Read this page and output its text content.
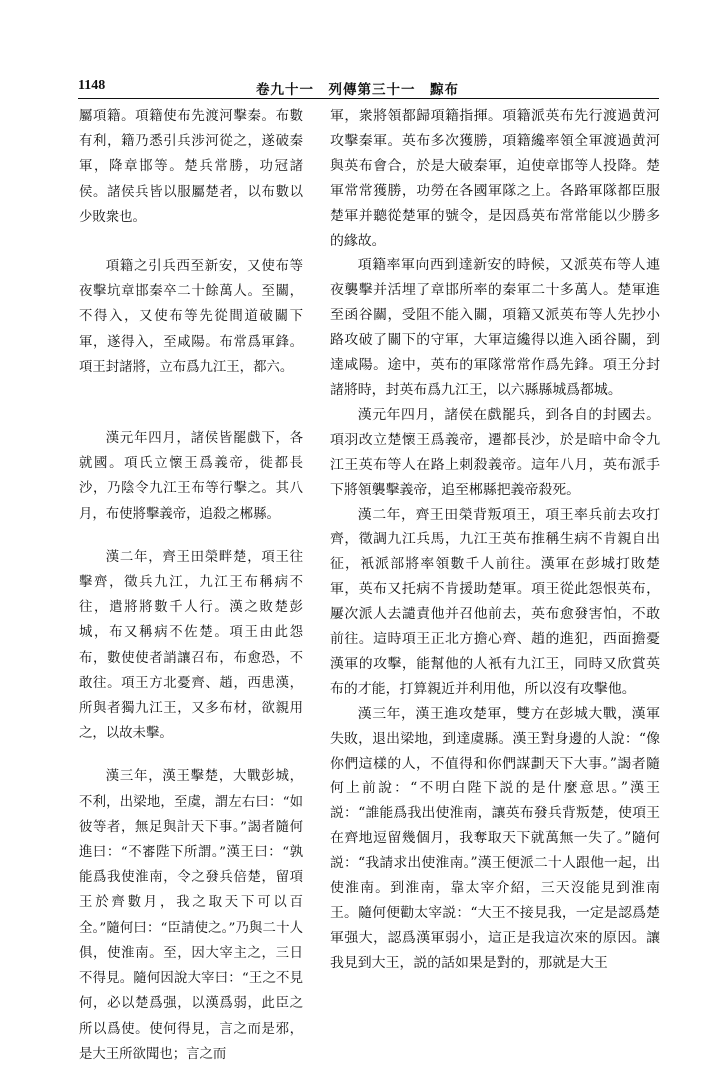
1148	卷九十一　列傳第三十一　黥布

屬項籍。項籍使布先渡河擊秦。布數有利，籍乃悉引兵涉河從之，遂破秦軍，降章邯等。楚兵常勝，功冠諸侯。諸侯兵皆以服屬楚者，以布數以少敗衆也。

項籍之引兵西至新安，又使布等夜擊坑章邯秦卒二十餘萬人。至關，不得入，又使布等先從間道破關下軍，遂得入，至咸陽。布常爲軍鋒。項王封諸將，立布爲九江王，都六。

漢元年四月，諸侯皆罷戲下，各就國。項氏立懷王爲義帝，徙都長沙，乃陰令九江王布等行擊之。其八月，布使將擊義帝，追殺之郴縣。

漢二年，齊王田榮畔楚，項王往擊齊，徵兵九江，九江王布稱病不往，遣將將數千人行。漢之敗楚彭城，布又稱病不佐楚。項王由此怨布，數使使者誚讓召布，布愈恐，不敢往。項王方北憂齊、趙，西患漢，所與者獨九江王，又多布材，欲親用之，以故未擊。

漢三年，漢王擊楚，大戰彭城，不利，出梁地，至虞，謂左右曰：“如彼等者，無足與計天下事。”謁者隨何進曰：“不審陛下所謂。”漢王曰：“孰能爲我使淮南，令之發兵倍楚，留項王於齊數月，我之取天下可以百全。”隨何曰：“臣請使之。”乃與二十人俱，使淮南。至，因大宰主之，三日不得見。隨何因說大宰曰：“王之不見何，必以楚爲强，以漢爲弱，此臣之所以爲使。使何得見，言之而是邪，是大王所欲聞也；言之而

軍，衆將領都歸項籍指揮。項籍派英布先行渡過黄河攻擊秦軍。英布多次獲勝，項籍纔率領全軍渡過黄河與英布會合，於是大破秦軍，迫使章邯等人投降。楚軍常常獲勝，功勞在各國軍隊之上。各路軍隊都臣服楚軍并聽從楚軍的號令，是因爲英布常常能以少勝多的緣故。

項籍率軍向西到達新安的時候，又派英布等人連夜襲擊并活埋了章邯所率的秦軍二十多萬人。楚軍進至函谷關，受阻不能入關，項籍又派英布等人先抄小路攻破了關下的守軍，大軍這纔得以進入函谷關，到達咸陽。途中，英布的軍隊常常作爲先鋒。項王分封諸將時，封英布爲九江王，以六縣縣城爲都城。

漢元年四月，諸侯在戲罷兵，到各自的封國去。項羽改立楚懷王爲義帝，遷都長沙，於是暗中命令九江王英布等人在路上刺殺義帝。這年八月，英布派手下將領襲擊義帝，追至郴縣把義帝殺死。

漢二年，齊王田榮背叛項王，項王率兵前去攻打齊，徵調九江兵馬，九江王英布推稱生病不肯親自出征，衹派部將率領數千人前往。漢軍在彭城打敗楚軍，英布又托病不肯援助楚軍。項王從此怨恨英布，屢次派人去譴責他并召他前去，英布愈發害怕，不敢前往。這時項王正北方擔心齊、趙的進犯，西面擔憂漢軍的攻擊，能幫他的人衹有九江王，同時又欣賞英布的才能，打算親近并利用他，所以沒有攻擊他。

漢三年，漢王進攻楚軍，雙方在彭城大戰，漢軍失敗，退出梁地，到達虞縣。漢王對身邊的人說：“像你們這樣的人，不值得和你們謀劃天下大事。”謁者隨何上前說：“不明白陛下説的是什麼意思。”漢王説：“誰能爲我出使淮南，讓英布發兵背叛楚，使項王在齊地逗留幾個月，我奪取天下就萬無一失了。”隨何説：“我請求出使淮南。”漢王便派二十人跟他一起，出使淮南。到淮南，靠太宰介紹，三天沒能見到淮南王。隨何便勸太宰説：“大王不接見我，一定是認爲楚軍强大，認爲漢軍弱小，這正是我這次來的原因。讓我見到大王，説的話如果是對的，那就是大王
